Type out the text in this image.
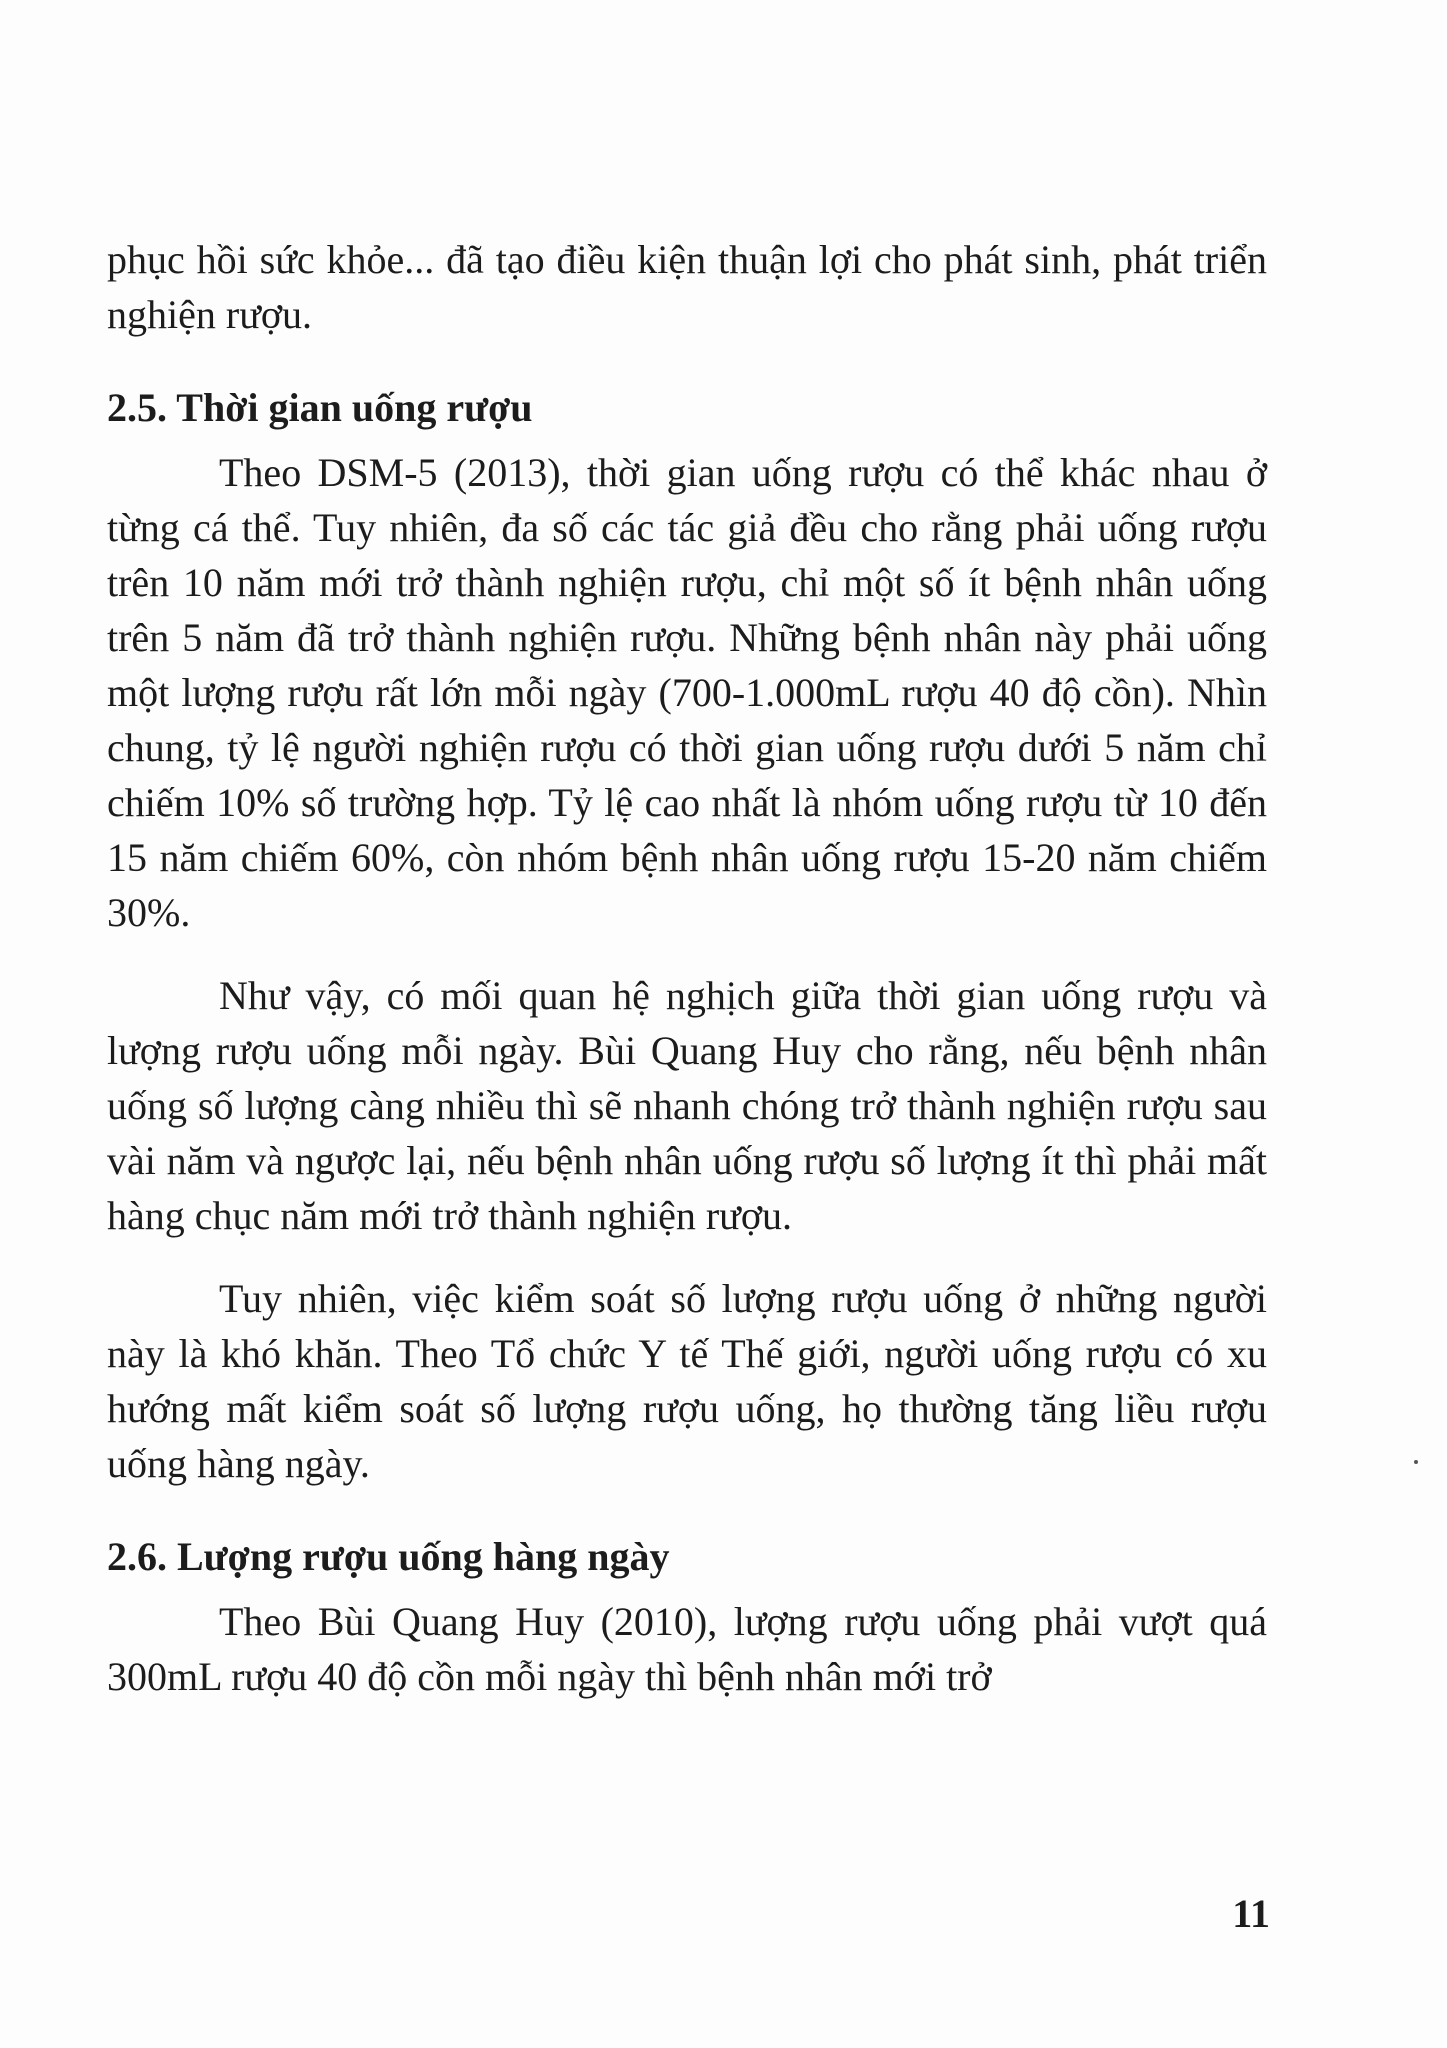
phục hồi sức khỏe... đã tạo điều kiện thuận lợi cho phát sinh, phát triển nghiện rượu.

2.5. Thời gian uống rượu

Theo DSM-5 (2013), thời gian uống rượu có thể khác nhau ở từng cá thể. Tuy nhiên, đa số các tác giả đều cho rằng phải uống rượu trên 10 năm mới trở thành nghiện rượu, chỉ một số ít bệnh nhân uống trên 5 năm đã trở thành nghiện rượu. Những bệnh nhân này phải uống một lượng rượu rất lớn mỗi ngày (700-1.000mL rượu 40 độ cồn). Nhìn chung, tỷ lệ người nghiện rượu có thời gian uống rượu dưới 5 năm chỉ chiếm 10% số trường hợp. Tỷ lệ cao nhất là nhóm uống rượu từ 10 đến 15 năm chiếm 60%, còn nhóm bệnh nhân uống rượu 15-20 năm chiếm 30%.

Như vậy, có mối quan hệ nghịch giữa thời gian uống rượu và lượng rượu uống mỗi ngày. Bùi Quang Huy cho rằng, nếu bệnh nhân uống số lượng càng nhiều thì sẽ nhanh chóng trở thành nghiện rượu sau vài năm và ngược lại, nếu bệnh nhân uống rượu số lượng ít thì phải mất hàng chục năm mới trở thành nghiện rượu.

Tuy nhiên, việc kiểm soát số lượng rượu uống ở những người này là khó khăn. Theo Tổ chức Y tế Thế giới, người uống rượu có xu hướng mất kiểm soát số lượng rượu uống, họ thường tăng liều rượu uống hàng ngày.

2.6. Lượng rượu uống hàng ngày

Theo Bùi Quang Huy (2010), lượng rượu uống phải vượt quá 300mL rượu 40 độ cồn mỗi ngày thì bệnh nhân mới trở

11
